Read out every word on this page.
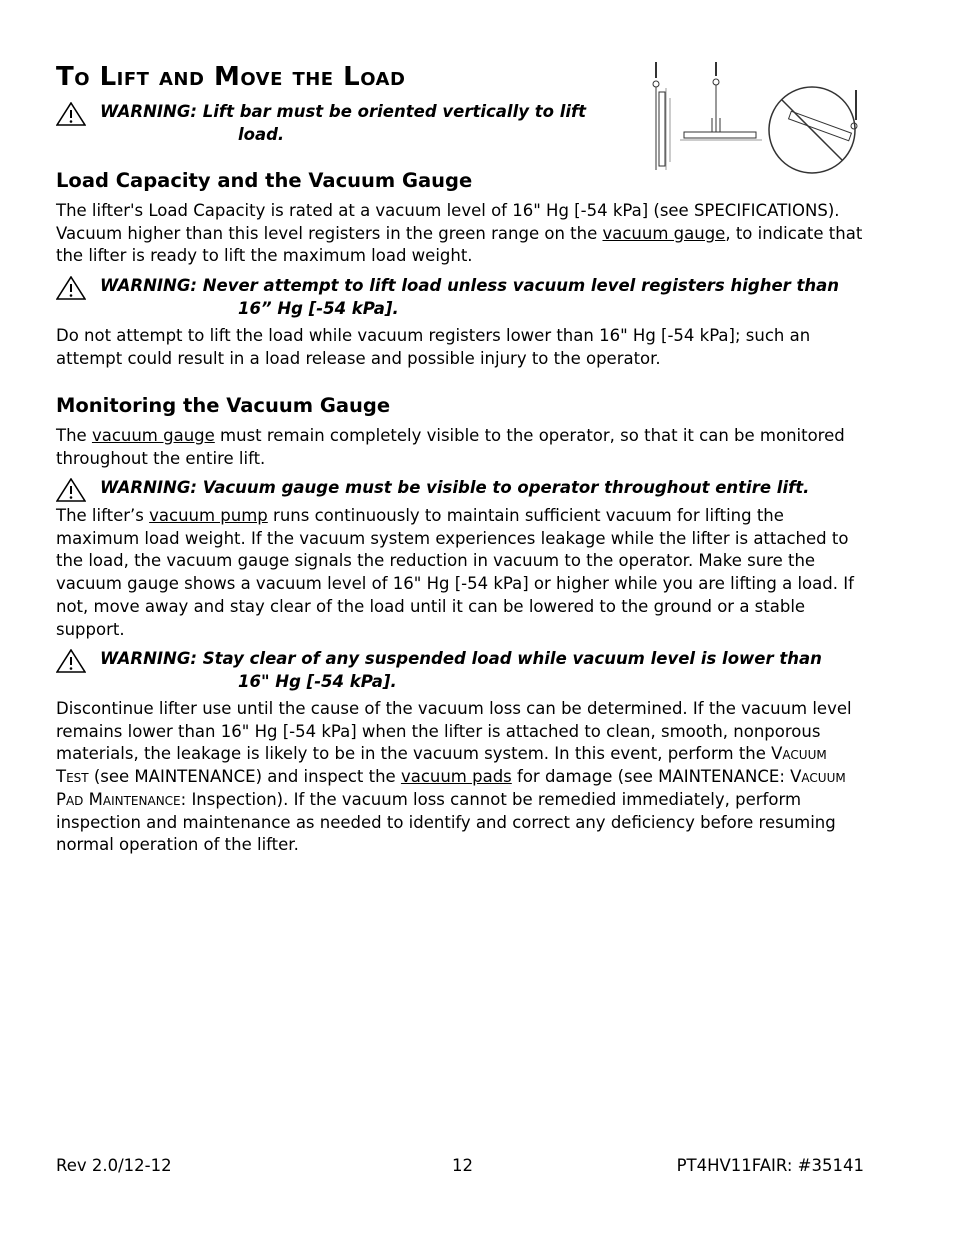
To Lift and Move the Load
WARNING: Lift bar must be oriented vertically to lift
load.
Load Capacity and the Vacuum Gauge

The lifter's Load Capacity is rated at a vacuum level of 16" Hg [-54 kPa] (see SPECIFICATIONS). Vacuum higher than this level registers in the green range on the vacuum gauge, to indicate that the lifter is ready to lift the maximum load weight.

WARNING: Never attempt to lift load unless vacuum level registers higher than
16” Hg [-54 kPa].

Do not attempt to lift the load while vacuum registers lower than 16" Hg [-54 kPa]; such an attempt could result in a load release and possible injury to the operator.

Monitoring the Vacuum Gauge

The vacuum gauge must remain completely visible to the operator, so that it can be monitored throughout the entire lift.

WARNING: Vacuum gauge must be visible to operator throughout entire lift.

The lifter’s vacuum pump runs continuously to maintain sufficient vacuum for lifting the maximum load weight. If the vacuum system experiences leakage while the lifter is attached to the load, the vacuum gauge signals the reduction in vacuum to the operator. Make sure the vacuum gauge shows a vacuum level of 16" Hg [-54 kPa] or higher while you are lifting a load. If not, move away and stay clear of the load until it can be lowered to the ground or a stable support.

WARNING: Stay clear of any suspended load while vacuum level is lower than
16" Hg [-54 kPa].

Discontinue lifter use until the cause of the vacuum loss can be determined. If the vacuum level remains lower than 16" Hg [-54 kPa] when the lifter is attached to clean, smooth, nonporous materials, the leakage is likely to be in the vacuum system. In this event, perform the Vacuum Test (see MAINTENANCE) and inspect the vacuum pads for damage (see MAINTENANCE: Vacuum Pad Maintenance: Inspection). If the vacuum loss cannot be remedied immediately, perform inspection and maintenance as needed to identify and correct any deficiency before resuming normal operation of the lifter.

Rev 2.0/12-12	12	PT4HV11FAIR: #35141
